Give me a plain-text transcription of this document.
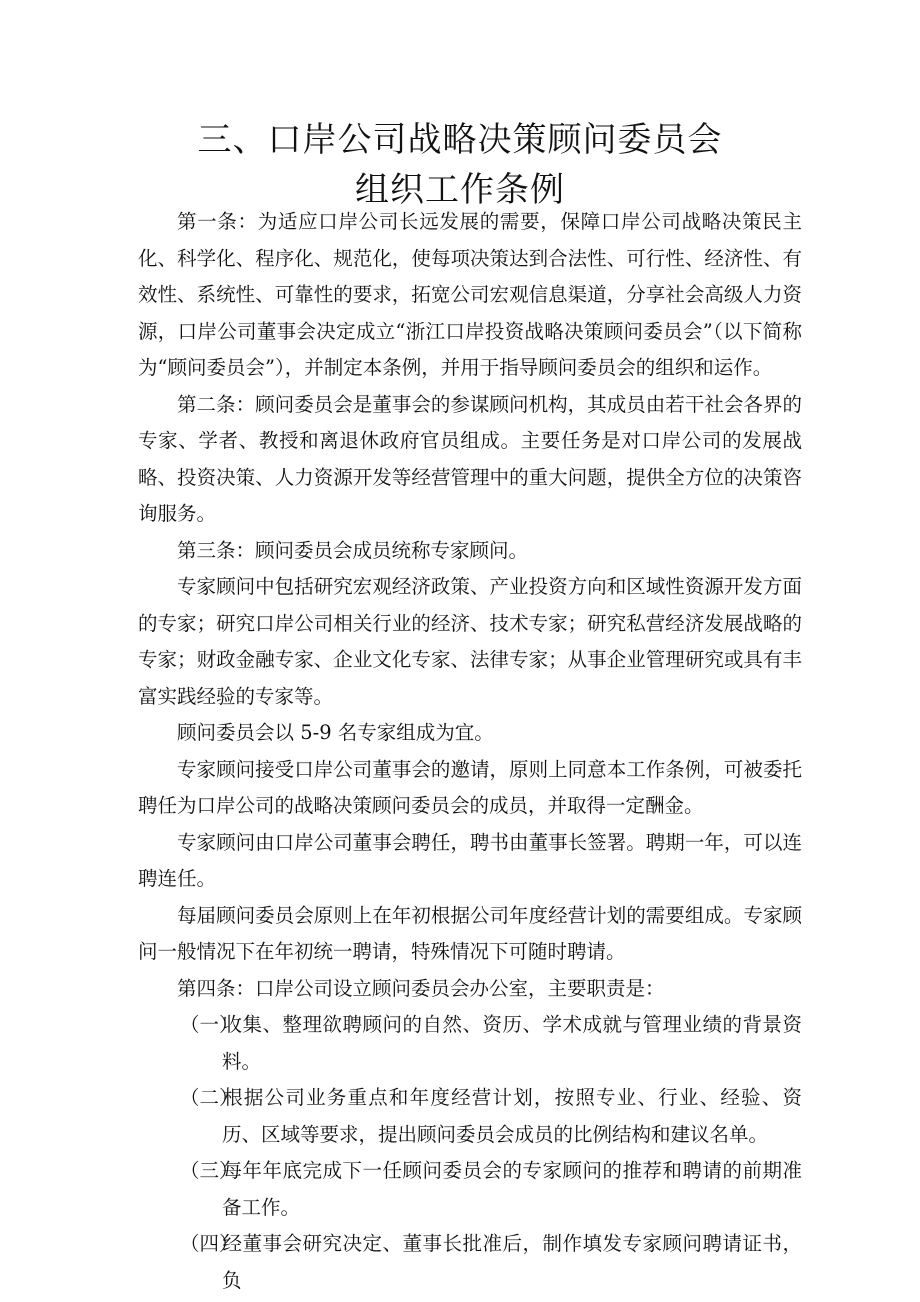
三、口岸公司战略决策顾问委员会
组织工作条例

第一条：为适应口岸公司长远发展的需要，保障口岸公司战略决策民主化、科学化、程序化、规范化，使每项决策达到合法性、可行性、经济性、有效性、系统性、可靠性的要求，拓宽公司宏观信息渠道，分享社会高级人力资源，口岸公司董事会决定成立“浙江口岸投资战略决策顾问委员会”（以下简称为“顾问委员会”），并制定本条例，并用于指导顾问委员会的组织和运作。

第二条：顾问委员会是董事会的参谋顾问机构，其成员由若干社会各界的专家、学者、教授和离退休政府官员组成。主要任务是对口岸公司的发展战略、投资决策、人力资源开发等经营管理中的重大问题，提供全方位的决策咨询服务。

第三条：顾问委员会成员统称专家顾问。

专家顾问中包括研究宏观经济政策、产业投资方向和区域性资源开发方面的专家；研究口岸公司相关行业的经济、技术专家；研究私营经济发展战略的专家；财政金融专家、企业文化专家、法律专家；从事企业管理研究或具有丰富实践经验的专家等。

顾问委员会以 5-9 名专家组成为宜。

专家顾问接受口岸公司董事会的邀请，原则上同意本工作条例，可被委托聘任为口岸公司的战略决策顾问委员会的成员，并取得一定酬金。

专家顾问由口岸公司董事会聘任，聘书由董事长签署。聘期一年，可以连聘连任。

每届顾问委员会原则上在年初根据公司年度经营计划的需要组成。专家顾问一般情况下在年初统一聘请，特殊情况下可随时聘请。

第四条：口岸公司设立顾问委员会办公室，主要职责是：

（一）收集、整理欲聘顾问的自然、资历、学术成就与管理业绩的背景资料。

（二）根据公司业务重点和年度经营计划，按照专业、行业、经验、资历、区域等要求，提出顾问委员会成员的比例结构和建议名单。

（三）每年年底完成下一任顾问委员会的专家顾问的推荐和聘请的前期准备工作。

（四）经董事会研究决定、董事长批准后，制作填发专家顾问聘请证书，负
